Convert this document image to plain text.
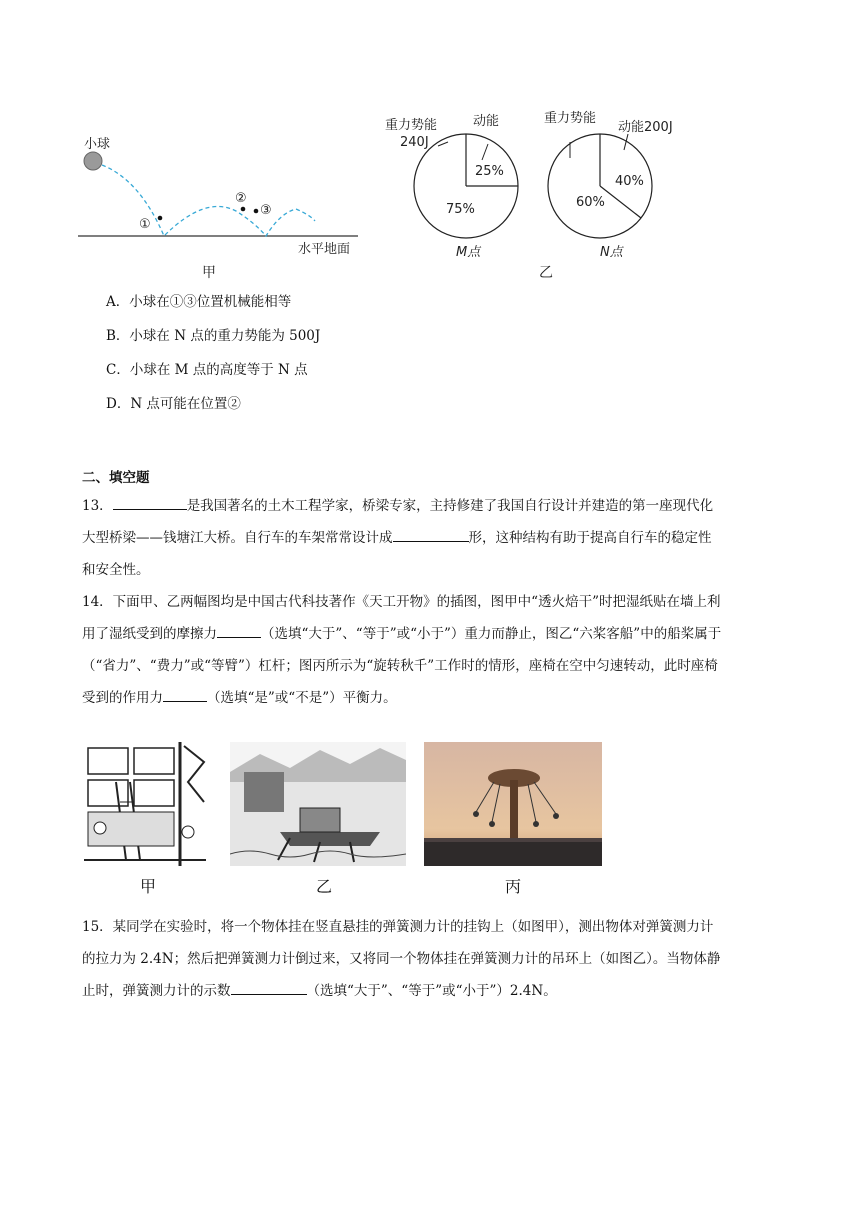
小球
①
②
③
水平地面
甲
重力势能
240J
动能
25%
75%
M点
重力势能
动能200J
40%
60%
N点
乙
A．小球在①③位置机械能相等
B．小球在 N 点的重力势能为 500J
C．小球在 M 点的高度等于 N 点
D．N 点可能在位置②
二、填空题
13．	是我国著名的土木工程学家，桥梁专家，主持修建了我国自行设计并建造的第一座现代化
大型桥梁——钱塘江大桥。自行车的车架常常设计成	形，这种结构有助于提高自行车的稳定性
和安全性。
14．下面甲、乙两幅图均是中国古代科技著作《天工开物》的插图，图甲中“透火焙干”时把湿纸贴在墙上利
用了湿纸受到的摩擦力	（选填“大于”、“等于”或“小于”）重力而静止，图乙“六桨客船”中的船桨属于
（“省力”、“费力”或“等臂”）杠杆；图丙所示为“旋转秋千”工作时的情形，座椅在空中匀速转动，此时座椅
受到的作用力	（选填“是”或“不是”）平衡力。
甲	乙	丙
15．某同学在实验时，将一个物体挂在竖直悬挂的弹簧测力计的挂钩上（如图甲），测出物体对弹簧测力计
的拉力为 2.4N；然后把弹簧测力计倒过来，又将同一个物体挂在弹簧测力计的吊环上（如图乙）。当物体静
止时，弹簧测力计的示数	（选填“大于”、“等于”或“小于”）2.4N。
